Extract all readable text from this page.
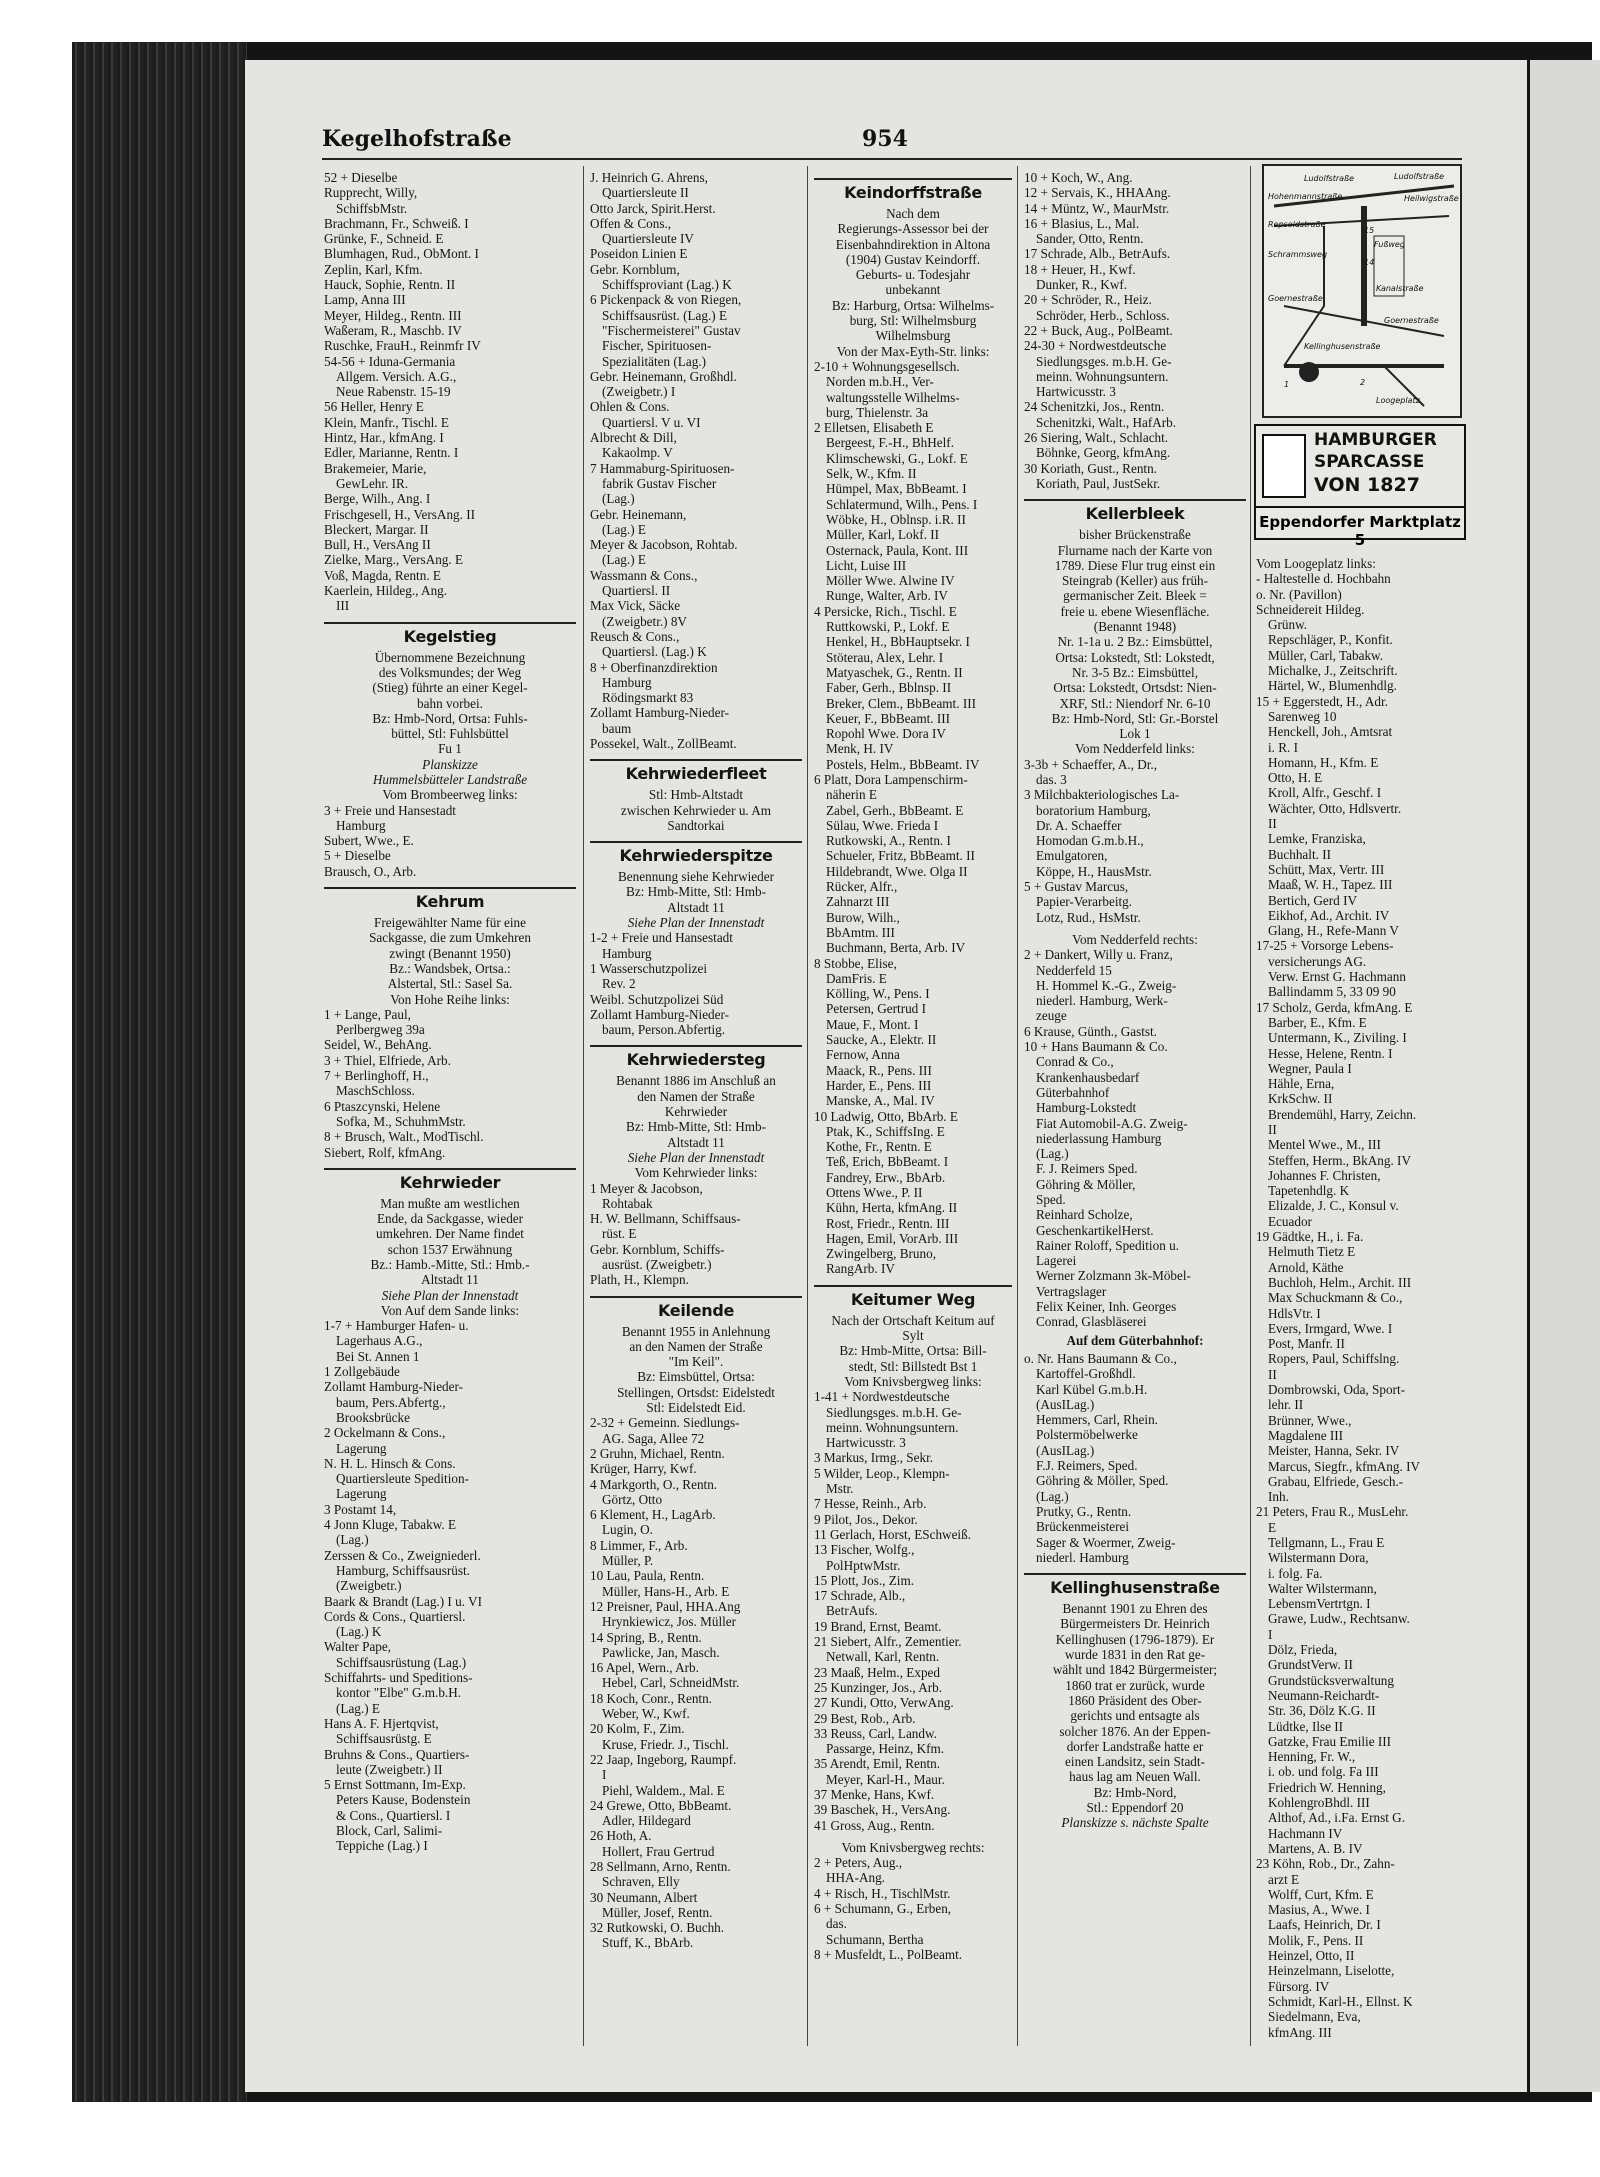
Kegelhofstraße	954
52 + Dieselbe
Rupprecht, Willy,
SchiffsbMstr.
Brachmann, Fr., Schweiß. I
Grünke, F., Schneid. E
Blumhagen, Rud., ObMont. I
Zeplin, Karl, Kfm.
Hauck, Sophie, Rentn. II
Lamp, Anna III
Meyer, Hildeg., Rentn. III
Waßeram, R., Maschb. IV
Ruschke, FrauH., Reinmfr IV
54-56 + Iduna-Germania
Allgem. Versich. A.G.,
Neue Rabenstr. 15-19
56 Heller, Henry E
Klein, Manfr., Tischl. E
Hintz, Har., kfmAng. I
Edler, Marianne, Rentn. I
Brakemeier, Marie,
GewLehr. IR.
Berge, Wilh., Ang. I
Frischgesell, H., VersAng. II
Bleckert, Margar. II
Bull, H., VersAng II
Zielke, Marg., VersAng. E
Voß, Magda, Rentn. E
Kaerlein, Hildeg., Ang.
III
Kegelstieg
Übernommene Bezeichnung
des Volksmundes; der Weg
(Stieg) führte an einer Kegel-
bahn vorbei.
Bz: Hmb-Nord, Ortsa: Fuhls-
büttel, Stl: Fuhlsbüttel
Fu 1
Planskizze
Hummelsbütteler Landstraße
Vom Brombeerweg links:
3 + Freie und Hansestadt
Hamburg
Subert, Wwe., E.
5 + Dieselbe
Brausch, O., Arb.
Kehrum
Freigewählter Name für eine
Sackgasse, die zum Umkehren
zwingt (Benannt 1950)
Bz.: Wandsbek, Ortsa.:
Alstertal, Stl.: Sasel Sa.
Von Hohe Reihe links:
1 + Lange, Paul,
Perlbergweg 39a
Seidel, W., BehAng.
3 + Thiel, Elfriede, Arb.
7 + Berlinghoff, H.,
MaschSchloss.
6 Ptaszcynski, Helene
Sofka, M., SchuhmMstr.
8 + Brusch, Walt., ModTischl.
Siebert, Rolf, kfmAng.
Kehrwieder
Man mußte am westlichen
Ende, da Sackgasse, wieder
umkehren. Der Name findet
schon 1537 Erwähnung
Bz.: Hamb.-Mitte, Stl.: Hmb.-
Altstadt 11
Siehe Plan der Innenstadt
Von Auf dem Sande links:
1-7 + Hamburger Hafen- u.
Lagerhaus A.G.,
Bei St. Annen 1
1 Zollgebäude
Zollamt Hamburg-Nieder-
baum, Pers.Abfertg.,
Brooksbrücke
2 Ockelmann & Cons.,
Lagerung
N. H. L. Hinsch & Cons.
Quartiersleute Spedition-
Lagerung
3 Postamt 14,
4 Jonn Kluge, Tabakw. E
(Lag.)
Zerssen & Co., Zweigniederl.
Hamburg, Schiffsausrüst.
(Zweigbetr.)
Baark & Brandt (Lag.) I u. VI
Cords & Cons., Quartiersl.
(Lag.) K
Walter Pape,
Schiffsausrüstung (Lag.)
Schiffahrts- und Speditions-
kontor "Elbe" G.m.b.H.
(Lag.) E
Hans A. F. Hjertqvist,
Schiffsausrüstg. E
Bruhns & Cons., Quartiers-
leute (Zweigbetr.) II
5 Ernst Sottmann, Im-Exp.
Peters Kause, Bodenstein
& Cons., Quartiersl. I
Block, Carl, Salimi-
Teppiche (Lag.) I
J. Heinrich G. Ahrens,
Quartiersleute II
Otto Jarck, Spirit.Herst.
Offen & Cons.,
Quartiersleute IV
Poseidon Linien E
Gebr. Kornblum,
Schiffsproviant (Lag.) K
6 Pickenpack & von Riegen,
Schiffsausrüst. (Lag.) E
"Fischermeisterei" Gustav
Fischer, Spirituosen-
Spezialitäten (Lag.)
Gebr. Heinemann, Großhdl.
(Zweigbetr.) I
Ohlen & Cons.
Quartiersl. V u. VI
Albrecht & Dill,
Kakaolmp. V
7 Hammaburg-Spirituosen-
fabrik Gustav Fischer
(Lag.)
Gebr. Heinemann,
(Lag.) E
Meyer & Jacobson, Rohtab.
(Lag.) E
Wassmann & Cons.,
Quartiersl. II
Max Vick, Säcke
(Zweigbetr.) 8V
Reusch & Cons.,
Quartiersl. (Lag.) K
8 + Oberfinanzdirektion
Hamburg
Rödingsmarkt 83
Zollamt Hamburg-Nieder-
baum
Possekel, Walt., ZollBeamt.
Kehrwiederfleet
Stl: Hmb-Altstadt
zwischen Kehrwieder u. Am
Sandtorkai
Kehrwiederspitze
Benennung siehe Kehrwieder
Bz: Hmb-Mitte, Stl: Hmb-
Altstadt 11
Siehe Plan der Innenstadt
1-2 + Freie und Hansestadt
Hamburg
1 Wasserschutzpolizei
Rev. 2
Weibl. Schutzpolizei Süd
Zollamt Hamburg-Nieder-
baum, Person.Abfertig.
Kehrwiedersteg
Benannt 1886 im Anschluß an
den Namen der Straße
Kehrwieder
Bz: Hmb-Mitte, Stl: Hmb-
Altstadt 11
Siehe Plan der Innenstadt
Vom Kehrwieder links:
1 Meyer & Jacobson,
Rohtabak
H. W. Bellmann, Schiffsaus-
rüst. E
Gebr. Kornblum, Schiffs-
ausrüst. (Zweigbetr.)
Plath, H., Klempn.
Keilende
Benannt 1955 in Anlehnung
an den Namen der Straße
"Im Keil".
Bz: Eimsbüttel, Ortsa:
Stellingen, Ortsdst: Eidelstedt
Stl: Eidelstedt Eid.
2-32 + Gemeinn. Siedlungs-
AG. Saga, Allee 72
2 Gruhn, Michael, Rentn.
Krüger, Harry, Kwf.
4 Markgorth, O., Rentn.
Görtz, Otto
6 Klement, H., LagArb.
Lugin, O.
8 Limmer, F., Arb.
Müller, P.
10 Lau, Paula, Rentn.
Müller, Hans-H., Arb. E
12 Preisner, Paul, HHA.Ang
Hrynkiewicz, Jos. Müller
14 Spring, B., Rentn.
Pawlicke, Jan, Masch.
16 Apel, Wern., Arb.
Hebel, Carl, SchneidMstr.
18 Koch, Conr., Rentn.
Weber, W., Kwf.
20 Kolm, F., Zim.
Kruse, Friedr. J., Tischl.
22 Jaap, Ingeborg, Raumpf.
I
Piehl, Waldem., Mal. E
24 Grewe, Otto, BbBeamt.
Adler, Hildegard
26 Hoth, A.
Hollert, Frau Gertrud
28 Sellmann, Arno, Rentn.
Schraven, Elly
30 Neumann, Albert
Müller, Josef, Rentn.
32 Rutkowski, O. Buchh.
Stuff, K., BbArb.
Keindorffstraße
Nach dem
Regierungs-Assessor bei der
Eisenbahndirektion in Altona
(1904) Gustav Keindorff.
Geburts- u. Todesjahr
unbekannt
Bz: Harburg, Ortsa: Wilhelms-
burg, Stl: Wilhelmsburg
Wilhelmsburg
Von der Max-Eyth-Str. links:
2-10 + Wohnungsgesellsch.
Norden m.b.H., Ver-
waltungsstelle Wilhelms-
burg, Thielenstr. 3a
2 Elletsen, Elisabeth E
Bergeest, F.-H., BhHelf.
Klimschewski, G., Lokf. E
Selk, W., Kfm. II
Hümpel, Max, BbBeamt. I
Schlatermund, Wilh., Pens. I
Wöbke, H., Oblnsp. i.R. II
Müller, Karl, Lokf. II
Osternack, Paula, Kont. III
Licht, Luise III
Möller Wwe. Alwine IV
Runge, Walter, Arb. IV
4 Persicke, Rich., Tischl. E
Ruttkowski, P., Lokf. E
Henkel, H., BbHauptsekr. I
Stöterau, Alex, Lehr. I
Matyaschek, G., Rentn. II
Faber, Gerh., Bblnsp. II
Breker, Clem., BbBeamt. III
Keuer, F., BbBeamt. III
Ropohl Wwe. Dora IV
Menk, H. IV
Postels, Helm., BbBeamt. IV
6 Platt, Dora Lampenschirm-
näherin E
Zabel, Gerh., BbBeamt. E
Sülau, Wwe. Frieda I
Rutkowski, A., Rentn. I
Schueler, Fritz, BbBeamt. II
Hildebrandt, Wwe. Olga II
Rücker, Alfr.,
Zahnarzt III
Burow, Wilh.,
BbAmtm. III
Buchmann, Berta, Arb. IV
8 Stobbe, Elise,
DamFris. E
Kölling, W., Pens. I
Petersen, Gertrud I
Maue, F., Mont. I
Saucke, A., Elektr. II
Fernow, Anna
Maack, R., Pens. III
Harder, E., Pens. III
Manske, A., Mal. IV
10 Ladwig, Otto, BbArb. E
Ptak, K., SchiffsIng. E
Kothe, Fr., Rentn. E
Teß, Erich, BbBeamt. I
Fandrey, Erw., BbArb.
Ottens Wwe., P. II
Kühn, Herta, kfmAng. II
Rost, Friedr., Rentn. III
Hagen, Emil, VorArb. III
Zwingelberg, Bruno,
RangArb. IV
Keitumer Weg
Nach der Ortschaft Keitum auf
Sylt
Bz: Hmb-Mitte, Ortsa: Bill-
stedt, Stl: Billstedt Bst 1
Vom Knivsbergweg links:
1-41 + Nordwestdeutsche
Siedlungsges. m.b.H. Ge-
meinn. Wohnungsuntern.
Hartwicusstr. 3
3 Markus, Irmg., Sekr.
5 Wilder, Leop., Klempn-
Mstr.
7 Hesse, Reinh., Arb.
9 Pilot, Jos., Dekor.
11 Gerlach, Horst, ESchweiß.
13 Fischer, Wolfg.,
PolHptwMstr.
15 Plott, Jos., Zim.
17 Schrade, Alb.,
BetrAufs.
19 Brand, Ernst, Beamt.
21 Siebert, Alfr., Zementier.
Netwall, Karl, Rentn.
23 Maaß, Helm., Exped
25 Kunzinger, Jos., Arb.
27 Kundi, Otto, VerwAng.
29 Best, Rob., Arb.
33 Reuss, Carl, Landw.
Passarge, Heinz, Kfm.
35 Arendt, Emil, Rentn.
Meyer, Karl-H., Maur.
37 Menke, Hans, Kwf.
39 Baschek, H., VersAng.
41 Gross, Aug., Rentn.
Vom Knivsbergweg rechts:
2 + Peters, Aug.,
HHA-Ang.
4 + Risch, H., TischlMstr.
6 + Schumann, G., Erben,
das.
Schumann, Bertha
8 + Musfeldt, L., PolBeamt.
10 + Koch, W., Ang.
12 + Servais, K., HHAAng.
14 + Müntz, W., MaurMstr.
16 + Blasius, L., Mal.
Sander, Otto, Rentn.
17 Schrade, Alb., BetrAufs.
18 + Heuer, H., Kwf.
Dunker, R., Kwf.
20 + Schröder, R., Heiz.
Schröder, Herb., Schloss.
22 + Buck, Aug., PolBeamt.
24-30 + Nordwestdeutsche
Siedlungsges. m.b.H. Ge-
meinn. Wohnungsuntern.
Hartwicusstr. 3
24 Schenitzki, Jos., Rentn.
Schenitzki, Walt., HafArb.
26 Siering, Walt., Schlacht.
Böhnke, Georg, kfmAng.
30 Koriath, Gust., Rentn.
Koriath, Paul, JustSekr.
Kellerbleek
bisher Brückenstraße
Flurname nach der Karte von
1789. Diese Flur trug einst ein
Steingrab (Keller) aus früh-
germanischer Zeit. Bleek =
freie u. ebene Wiesenfläche.
(Benannt 1948)
Nr. 1-1a u. 2 Bz.: Eimsbüttel,
Ortsa: Lokstedt, Stl: Lokstedt,
Nr. 3-5 Bz.: Eimsbüttel,
Ortsa: Lokstedt, Ortsdst: Nien-
XRF, Stl.: Niendorf Nr. 6-10
Bz: Hmb-Nord, Stl: Gr.-Borstel
Lok 1
Vom Nedderfeld links:
3-3b + Schaeffer, A., Dr.,
das. 3
3 Milchbakteriologisches La-
boratorium Hamburg,
Dr. A. Schaeffer
Homodan G.m.b.H.,
Emulgatoren,
Köppe, H., HausMstr.
5 + Gustav Marcus,
Papier-Verarbeitg.
Lotz, Rud., HsMstr.
Vom Nedderfeld rechts:
2 + Dankert, Willy u. Franz,
Nedderfeld 15
H. Hommel K.-G., Zweig-
niederl. Hamburg, Werk-
zeuge
6 Krause, Günth., Gastst.
10 + Hans Baumann & Co.
Conrad & Co.,
Krankenhausbedarf
Güterbahnhof
Hamburg-Lokstedt
Fiat Automobil-A.G. Zweig-
niederlassung Hamburg
(Lag.)
F. J. Reimers Sped.
Göhring & Möller,
Sped.
Reinhard Scholze,
GeschenkartikelHerst.
Rainer Roloff, Spedition u.
Lagerei
Werner Zolzmann 3k-Möbel-
Vertragslager
Felix Keiner, Inh. Georges
Conrad, Glasbläserei
Auf dem Güterbahnhof:
o. Nr. Hans Baumann & Co.,
Kartoffel-Großhdl.
Karl Kübel G.m.b.H.
(AusILag.)
Hemmers, Carl, Rhein.
Polstermöbelwerke
(AusILag.)
F.J. Reimers, Sped.
Göhring & Möller, Sped.
(Lag.)
Prutky, G., Rentn.
Brückenmeisterei
Sager & Woermer, Zweig-
niederl. Hamburg
Kellinghusenstraße
Benannt 1901 zu Ehren des
Bürgermeisters Dr. Heinrich
Kellinghusen (1796-1879). Er
wurde 1831 in den Rat ge-
wählt und 1842 Bürgermeister;
1860 trat er zurück, wurde
1860 Präsident des Ober-
gerichts und entsagte als
solcher 1876. An der Eppen-
dorfer Landstraße hatte er
einen Landsitz, sein Stadt-
haus lag am Neuen Wall.
Bz: Hmb-Nord,
Stl.: Eppendorf 20
Planskizze s. nächste Spalte
Vom Loogeplatz links:
- Haltestelle d. Hochbahn
o. Nr. (Pavillon)
Schneidereit Hildeg.
Grünw.
Repschläger, P., Konfit.
Müller, Carl, Tabakw.
Michalke, J., Zeitschrift.
Härtel, W., Blumenhdlg.
15 + Eggerstedt, H., Adr.
Sarenweg 10
Henckell, Joh., Amtsrat
i. R. I
Homann, H., Kfm. E
Otto, H. E
Kroll, Alfr., Geschf. I
Wächter, Otto, Hdlsvertr.
II
Lemke, Franziska,
Buchhalt. II
Schütt, Max, Vertr. III
Maaß, W. H., Tapez. III
Bertich, Gerd IV
Eikhof, Ad., Archit. IV
Glang, H., Refe-Mann V
17-25 + Vorsorge Lebens-
versicherungs AG.
Verw. Ernst G. Hachmann
Ballindamm 5, 33 09 90
17 Scholz, Gerda, kfmAng. E
Barber, E., Kfm. E
Untermann, K., Ziviling. I
Hesse, Helene, Rentn. I
Wegner, Paula I
Hähle, Erna,
KrkSchw. II
Brendemühl, Harry, Zeichn.
II
Mentel Wwe., M., III
Steffen, Herm., BkAng. IV
Johannes F. Christen,
Tapetenhdlg. K
Elizalde, J. C., Konsul v.
Ecuador
19 Gädtke, H., i. Fa.
Helmuth Tietz E
Arnold, Käthe
Buchloh, Helm., Archit. III
Max Schuckmann & Co.,
HdlsVtr. I
Evers, Irmgard, Wwe. I
Post, Manfr. II
Ropers, Paul, Schiffslng.
II
Dombrowski, Oda, Sport-
lehr. II
Brünner, Wwe.,
Magdalene III
Meister, Hanna, Sekr. IV
Marcus, Siegfr., kfmAng. IV
Grabau, Elfriede, Gesch.-
Inh.
21 Peters, Frau R., MusLehr.
E
Tellgmann, L., Frau E
Wilstermann Dora,
i. folg. Fa.
Walter Wilstermann,
LebensmVertrtgn. I
Grawe, Ludw., Rechtsanw.
I
Dölz, Frieda,
GrundstVerw. II
Grundstücksverwaltung
Neumann-Reichardt-
Str. 36, Dölz K.G. II
Lüdtke, Ilse II
Gatzke, Frau Emilie III
Henning, Fr. W.,
i. ob. und folg. Fa III
Friedrich W. Henning,
KohlengroBhdl. III
Althof, Ad., i.Fa. Ernst G.
Hachmann IV
Martens, A. B. IV
23 Köhn, Rob., Dr., Zahn-
arzt E
Wolff, Curt, Kfm. E
Masius, A., Wwe. I
Laafs, Heinrich, Dr. I
Molik, F., Pens. II
Heinzel, Otto, II
Heinzelmann, Liselotte,
Fürsorg. IV
Schmidt, Karl-H., Ellnst. K
Siedelmann, Eva,
kfmAng. III
Ludolfstraße	Ludolfstraße
Hohenmannstraße	Heilwigstraße
Repsoldstraße
Schrammsweg
Fußweg
15
14
Goernestraße
Kanalstraße
Goernestraße
Kellinghusenstraße
2
1
Loogeplatz
HAMBURGER
SPARCASSE
VON 1827
Eppendorfer Marktplatz 5
